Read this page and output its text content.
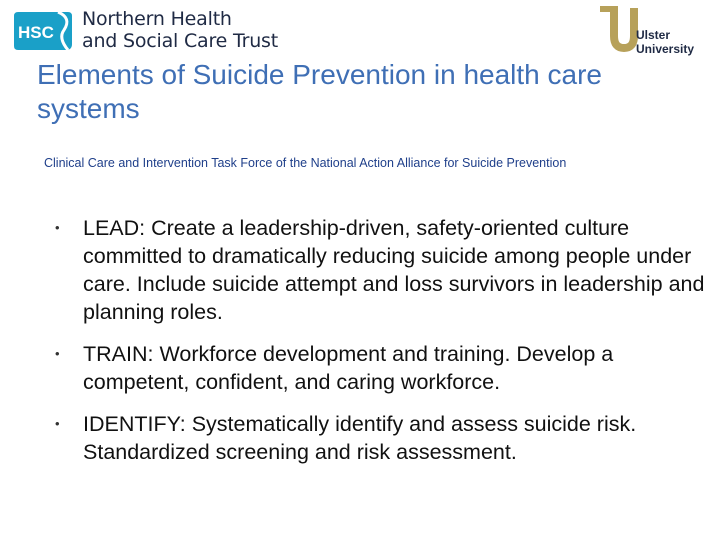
HSC
Northern Health
and Social Care Trust	Ulster
University
Elements of Suicide Prevention in health care systems

Clinical Care and Intervention Task Force of the National Action Alliance for Suicide Prevention

• LEAD: Create a leadership-driven, safety-oriented culture committed to dramatically reducing suicide among people under care. Include suicide attempt and loss survivors in leadership and planning roles.
• TRAIN: Workforce development and training. Develop a competent, confident, and caring workforce.
• IDENTIFY: Systematically identify and assess suicide risk. Standardized screening and risk assessment.
